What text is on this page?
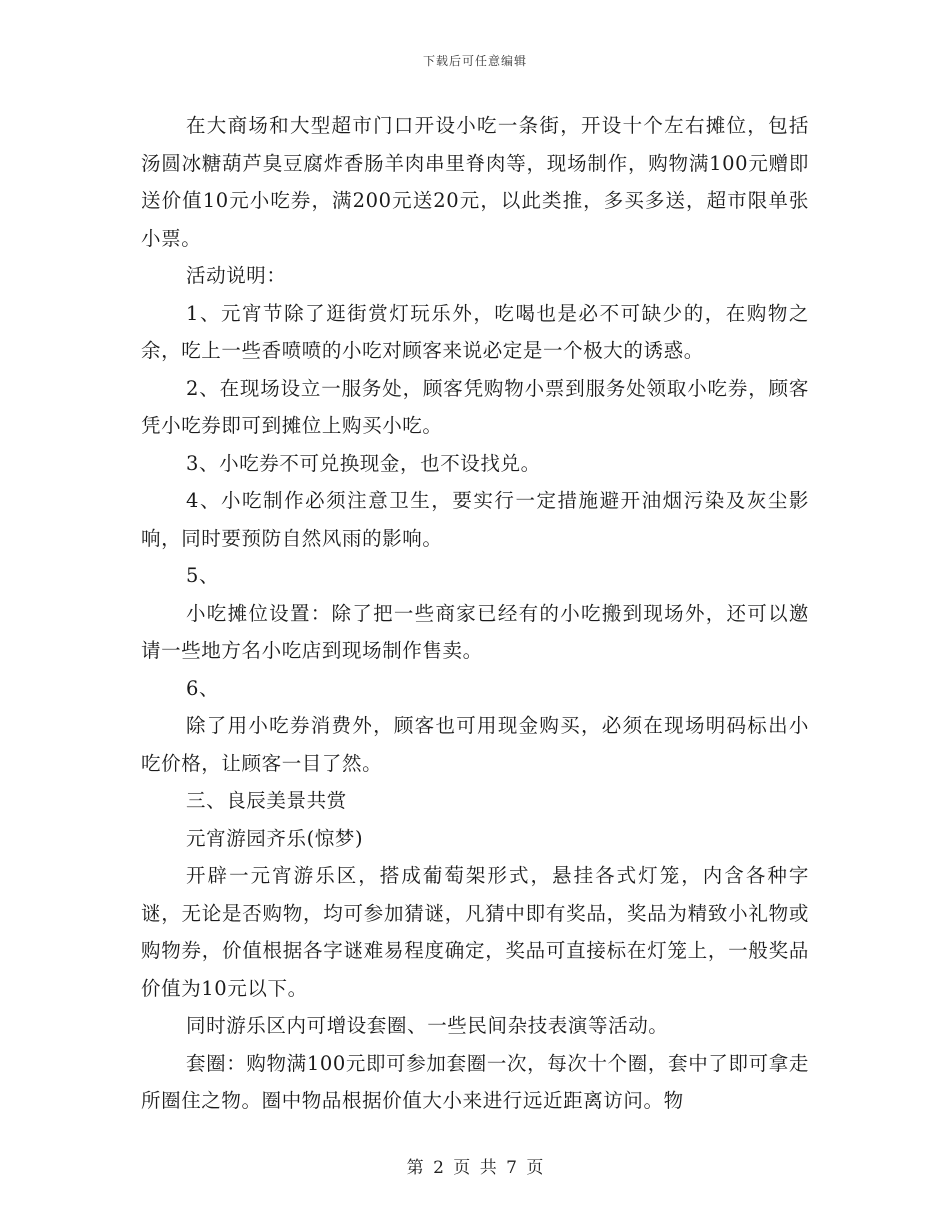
下载后可任意编辑

在大商场和大型超市门口开设小吃一条街，开设十个左右摊位，包括汤圆冰糖葫芦臭豆腐炸香肠羊肉串里脊肉等，现场制作，购物满100元赠即送价值10元小吃券，满200元送20元，以此类推，多买多送，超市限单张小票。

活动说明：

1、元宵节除了逛街赏灯玩乐外，吃喝也是必不可缺少的，在购物之余，吃上一些香喷喷的小吃对顾客来说必定是一个极大的诱惑。

2、在现场设立一服务处，顾客凭购物小票到服务处领取小吃券，顾客凭小吃券即可到摊位上购买小吃。

3、小吃券不可兑换现金，也不设找兑。

4、小吃制作必须注意卫生，要实行一定措施避开油烟污染及灰尘影响，同时要预防自然风雨的影响。

5、

小吃摊位设置：除了把一些商家已经有的小吃搬到现场外，还可以邀请一些地方名小吃店到现场制作售卖。

6、

除了用小吃券消费外，顾客也可用现金购买，必须在现场明码标出小吃价格，让顾客一目了然。

三、良辰美景共赏

元宵游园齐乐(惊梦)

开辟一元宵游乐区，搭成葡萄架形式，悬挂各式灯笼，内含各种字谜，无论是否购物，均可参加猜谜，凡猜中即有奖品，奖品为精致小礼物或购物券，价值根据各字谜难易程度确定，奖品可直接标在灯笼上，一般奖品价值为10元以下。

同时游乐区内可增设套圈、一些民间杂技表演等活动。

套圈：购物满100元即可参加套圈一次，每次十个圈，套中了即可拿走所圈住之物。圈中物品根据价值大小来进行远近距离访问。物

第 2 页 共 7 页
